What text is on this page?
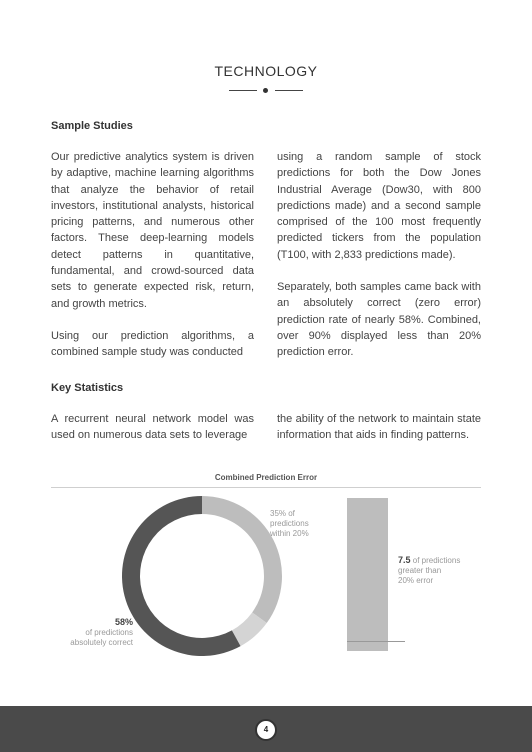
TECHNOLOGY
Sample Studies

Our predictive analytics system is driven by adaptive, machine learning algorithms that analyze the behavior of retail investors, institutional analysts, historical pricing patterns, and numerous other factors. These deep-learning models detect patterns in quantitative, fundamental, and crowd-sourced data sets to generate expected risk, return, and growth metrics.

Using our prediction algorithms, a combined sample study was conducted

using a random sample of stock predictions for both the Dow Jones Industrial Average (Dow30, with 800 predictions made) and a second sample comprised of the 100 most frequently predicted tickers from the population (T100, with 2,833 predictions made).

Separately, both samples came back with an absolutely correct (zero error) prediction rate of nearly 58%. Combined, over 90% displayed less than 20% prediction error.

Key Statistics

A recurrent neural network model was used on numerous data sets to leverage

the ability of the network to maintain state information that aids in finding patterns.

Combined Prediction Error
35% of
predictions
within 20%
58%
of predictions
absolutely correct
7.5 of predictions
greater than
20% error
4
